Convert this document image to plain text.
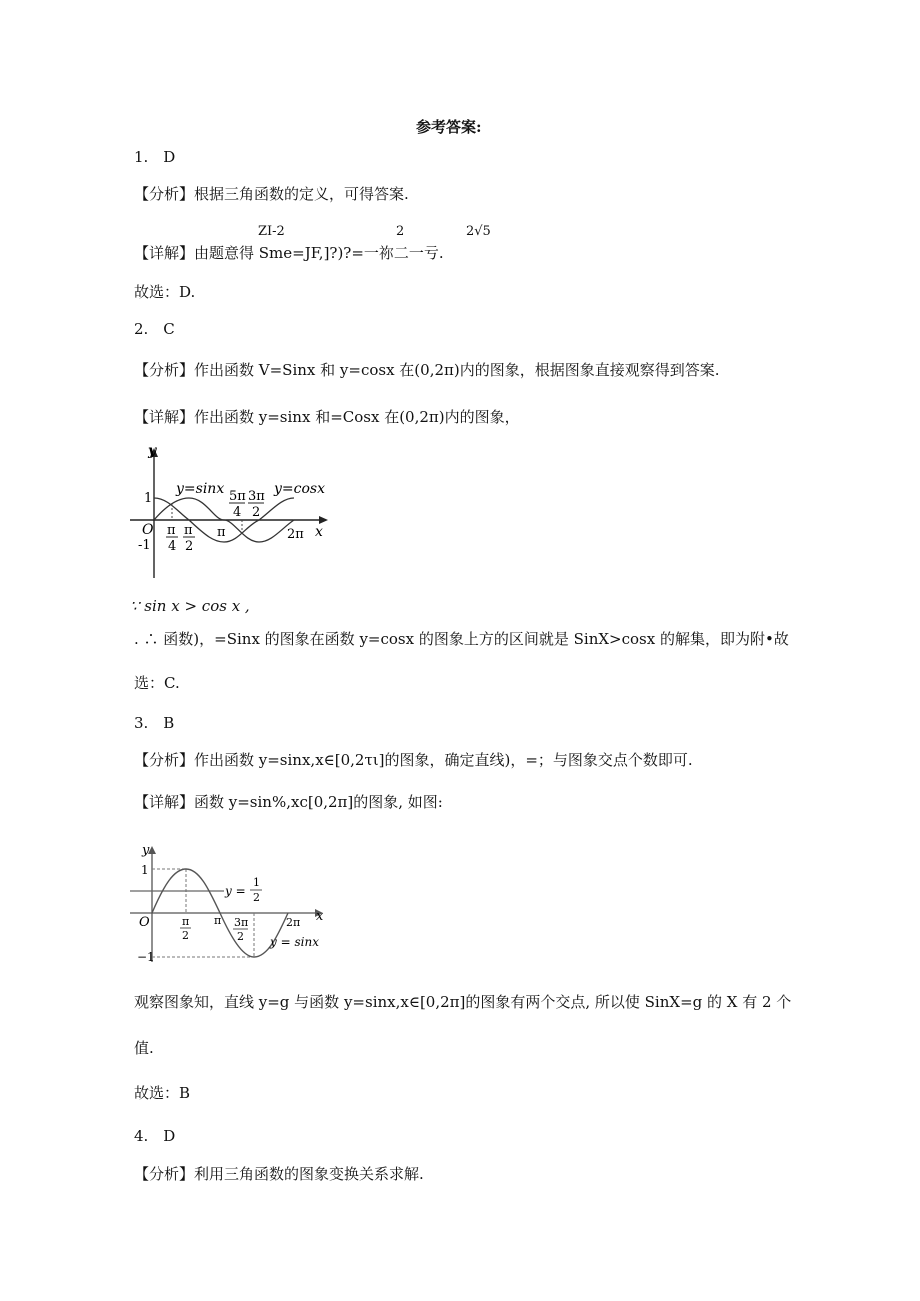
参考答案:
1.　D
【分析】根据三角函数的定义，可得答案.
ZI-2	2	2√5
【详解】由题意得 Sme=JF,]?)?=一祢二一亏.
故选：D.
2.　C
【分析】作出函数 V=Sinx 和 y=cosx 在(0,2π)内的图象，根据图象直接观察得到答案.
【详解】作出函数 y=sinx 和=Cosx 在(0,2π)内的图象，
y
x
O
1
-1
y=sinx	y=cosx
5π
4
3π
2
π	2π
π
4
π
2
∵ sin x > cos x ,
. ∴ 函数)，=Sinx 的图象在函数 y=cosx 的图象上方的区间就是 SinX>cosx 的解集，即为附•故
选：C.
3.　B
【分析】作出函数 y=sinx,x∈[0,2τι]的图象，确定直线)，=；与图象交点个数即可.
【详解】函数 y=sin%,xc[0,2π]的图象, 如图:
y
x
O
1
−1
y =
1
2
π
2
π 3π
2
2π
y = sinx
观察图象知，直线 y=g 与函数 y=sinx,x∈[0,2π]的图象有两个交点, 所以使 SinX=g 的 X 有 2 个
值.
故选：B
4.　D
【分析】利用三角函数的图象变换关系求解.
